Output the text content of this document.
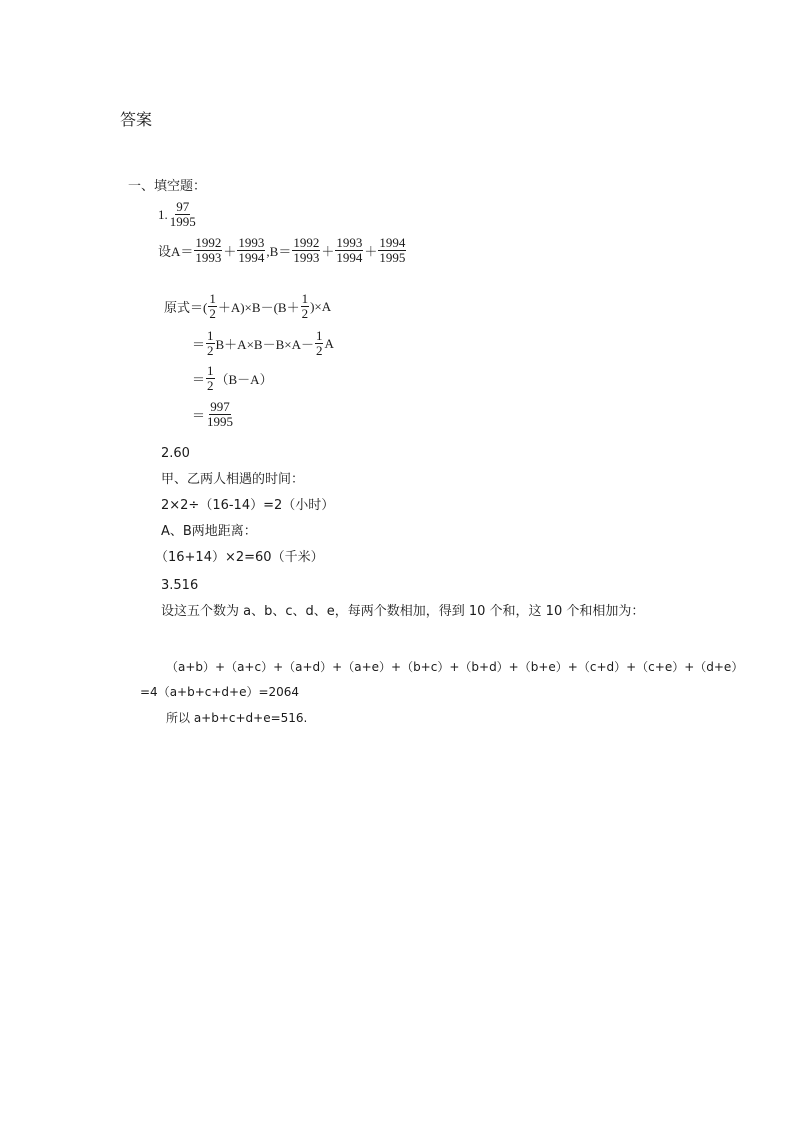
答案
一、填空题：
1. $\frac{97}{1995}$
设$A= \frac{1992}{1993} + \frac{1993}{1994} ,B= \frac{1992}{1993} + \frac{1993}{1994} + \frac{1994}{1995}$
原式＝( $\frac{1}{2} +A)\times B-(B+ \frac{1}{2} )\times A$
＝ $\frac{1}{2} B+A\times B-B\times A- \frac{1}{2}$ A
＝ $\frac{1}{2} (B-A)$
＝ $\frac{997}{1995}$
2.60
甲、乙两人相遇的时间：
2×2÷（16-14）=2（小时）
A、B两地距离：
（16+14）×2=60（千米）
3.516
设这五个数为 a、b、c、d、e，每两个数相加，得到 10 个和，这 10 个和相加为：
（a+b）+（a+c）+（a+d）+（a+e）+（b+c）+（b+d）+（b+e）+（c+d）+（c+e）+（d+e）
=4（a+b+c+d+e）=2064
所以 a+b+c+d+e=516.
